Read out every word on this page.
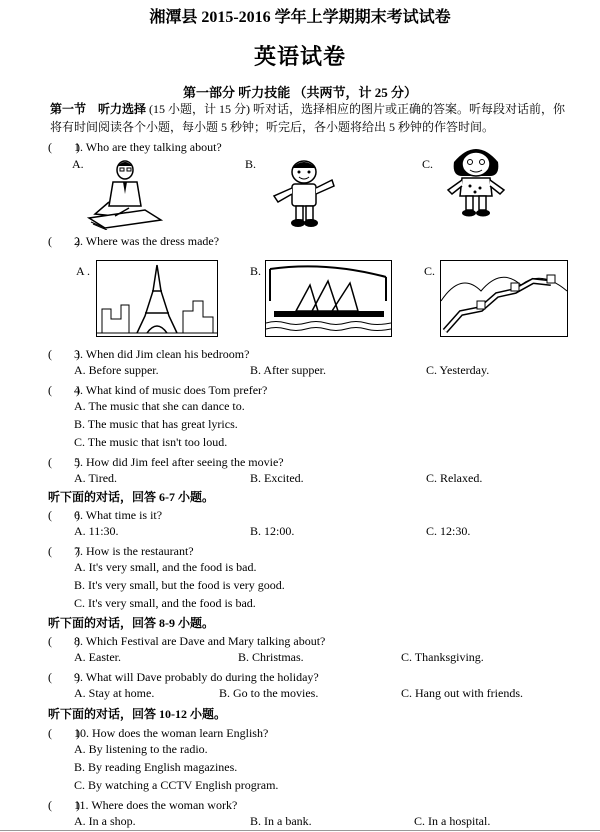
湘潭县 2015-2016 学年上学期期末考试试卷
英语试卷
第一部分 听力技能 （共两节，计 25 分）
第一节　听力选择 (15 小题，计 15 分) 听对话，选择相应的图片或正确的答案。听每段对话前，你将有时间阅读各个小题，每小题 5 秒钟；听完后，各小题将给出 5 秒钟的作答时间。
(　　)1. Who are they talking about?
A.	B.	C.
(　　)2. Where was the dress made?
A .	B.	C.
(　　)3. When did Jim clean his bedroom?
A. Before supper.	B. After supper.	C. Yesterday.
(　　)4. What kind of music does Tom prefer?
A. The music that she can dance to.
B. The music that has great lyrics.
C. The music that isn't too loud.
(　　)5. How did Jim feel after seeing the movie?
A. Tired.	B. Excited.	C. Relaxed.
听下面的对话，回答 6-7 小题。
(　　)6. What time is it?
A. 11:30.	B. 12:00.	C. 12:30.
(　　)7. How is the restaurant?
A. It's very small, and the food is bad.
B. It's very small, but the food is very good.
C. It's very small, and the food is bad.
听下面的对话，回答 8-9 小题。
(　　)8. Which Festival are Dave and Mary talking about?
A. Easter.	B. Christmas.	C. Thanksgiving.
(　　)9. What will Dave probably do during the holiday?
A. Stay at home.	B. Go to the movies.	C. Hang out with friends.
听下面的对话，回答 10-12 小题。
(　　)10. How does the woman learn English?
A. By listening to the radio.
B. By reading English magazines.
C. By watching a CCTV English program.
(　　)11. Where does the woman work?
A. In a shop.	B. In a bank.	C. In a hospital.
